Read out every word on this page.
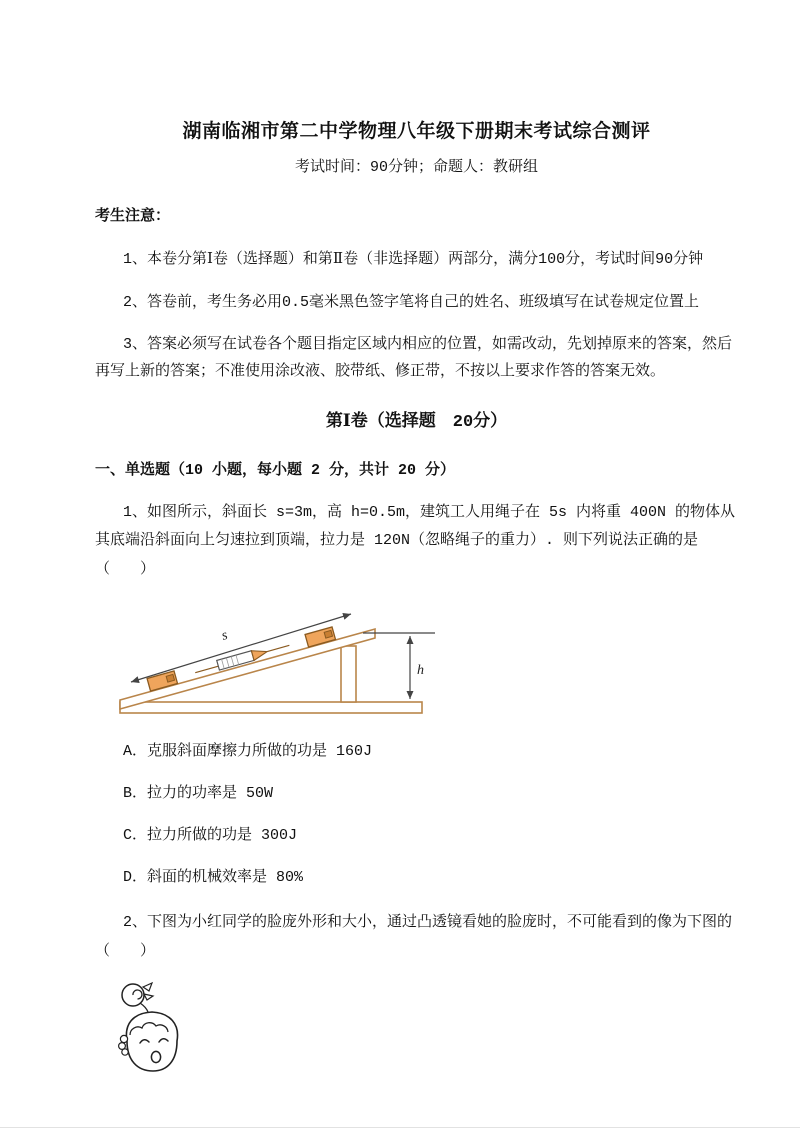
湖南临湘市第二中学物理八年级下册期末考试综合测评
考试时间：90分钟；命题人：教研组
考生注意：

1、本卷分第Ⅰ卷（选择题）和第Ⅱ卷（非选择题）两部分，满分100分，考试时间90分钟

2、答卷前，考生务必用0.5毫米黑色签字笔将自己的姓名、班级填写在试卷规定位置上

3、答案必须写在试卷各个题目指定区域内相应的位置，如需改动，先划掉原来的答案，然后再写上新的答案；不准使用涂改液、胶带纸、修正带，不按以上要求作答的答案无效。

第Ⅰ卷（选择题　20分）
一、单选题（10 小题，每小题 2 分，共计 20 分）

1、如图所示，斜面长 s=3m，高 h=0.5m，建筑工人用绳子在 5s 内将重 400N 的物体从其底端沿斜面向上匀速拉到顶端，拉力是 120N（忽略绳子的重力）. 则下列说法正确的是（　　）

s
h

A．克服斜面摩擦力所做的功是 160J

B．拉力的功率是 50W

C．拉力所做的功是 300J

D．斜面的机械效率是 80%

2、下图为小红同学的脸庞外形和大小，通过凸透镜看她的脸庞时，不可能看到的像为下图的（　　）
